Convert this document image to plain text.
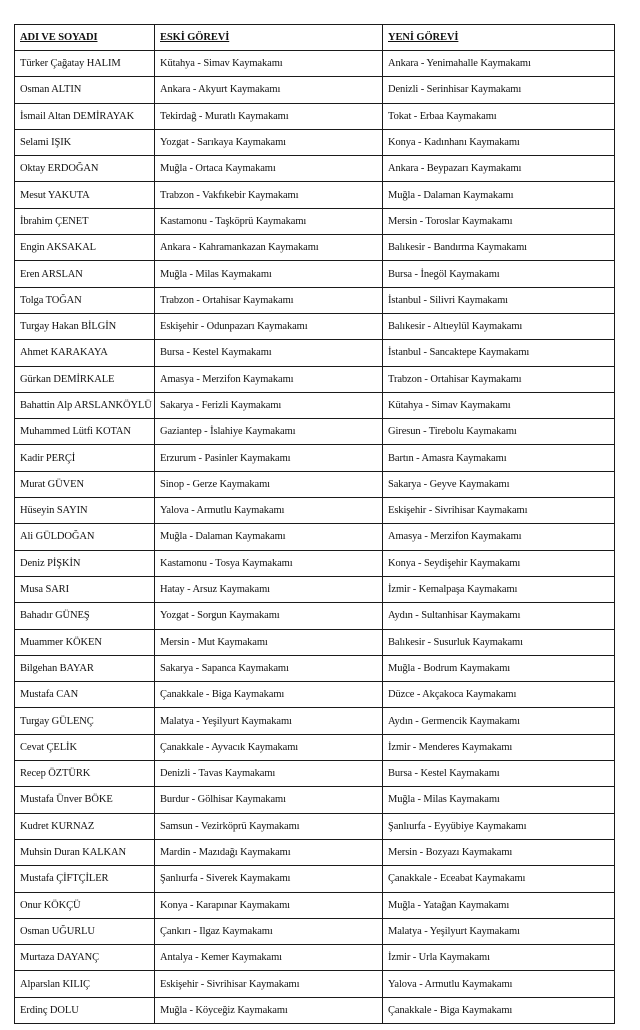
ADI VE SOYADI	ESKİ GÖREVİ	YENİ GÖREVİ
Türker Çağatay HALIM	Kütahya - Simav Kaymakamı	Ankara - Yenimahalle Kaymakamı
Osman ALTIN	Ankara - Akyurt Kaymakamı	Denizli - Serinhisar Kaymakamı
İsmail Altan DEMİRAYAK	Tekirdağ - Muratlı Kaymakamı	Tokat - Erbaa Kaymakamı
Selami IŞIK	Yozgat - Sarıkaya Kaymakamı	Konya - Kadınhanı Kaymakamı
Oktay ERDOĞAN	Muğla - Ortaca Kaymakamı	Ankara - Beypazarı Kaymakamı
Mesut YAKUTA	Trabzon - Vakfıkebir Kaymakamı	Muğla - Dalaman Kaymakamı
İbrahim ÇENET	Kastamonu - Taşköprü Kaymakamı	Mersin - Toroslar Kaymakamı
Engin AKSAKAL	Ankara - Kahramankazan Kaymakamı	Balıkesir - Bandırma Kaymakamı
Eren ARSLAN	Muğla - Milas Kaymakamı	Bursa - İnegöl Kaymakamı
Tolga TOĞAN	Trabzon - Ortahisar Kaymakamı	İstanbul - Silivri Kaymakamı
Turgay Hakan BİLGİN	Eskişehir - Odunpazarı Kaymakamı	Balıkesir - Altıeylül Kaymakamı
Ahmet KARAKAYA	Bursa - Kestel Kaymakamı	İstanbul - Sancaktepe Kaymakamı
Gürkan DEMİRKALE	Amasya - Merzifon Kaymakamı	Trabzon - Ortahisar Kaymakamı
Bahattin Alp ARSLANKÖYLÜ	Sakarya - Ferizli Kaymakamı	Kütahya - Simav Kaymakamı
Muhammed Lütfi KOTAN	Gaziantep - İslahiye Kaymakamı	Giresun - Tirebolu Kaymakamı
Kadir PERÇİ	Erzurum - Pasinler Kaymakamı	Bartın - Amasra Kaymakamı
Murat GÜVEN	Sinop - Gerze Kaymakamı	Sakarya - Geyve Kaymakamı
Hüseyin SAYIN	Yalova - Armutlu Kaymakamı	Eskişehir - Sivrihisar Kaymakamı
Ali GÜLDOĞAN	Muğla - Dalaman Kaymakamı	Amasya - Merzifon Kaymakamı
Deniz PİŞKİN	Kastamonu - Tosya Kaymakamı	Konya - Seydişehir Kaymakamı
Musa SARI	Hatay - Arsuz Kaymakamı	İzmir - Kemalpaşa Kaymakamı
Bahadır GÜNEŞ	Yozgat - Sorgun Kaymakamı	Aydın - Sultanhisar Kaymakamı
Muammer KÖKEN	Mersin - Mut Kaymakamı	Balıkesir - Susurluk Kaymakamı
Bilgehan BAYAR	Sakarya - Sapanca Kaymakamı	Muğla - Bodrum Kaymakamı
Mustafa CAN	Çanakkale - Biga Kaymakamı	Düzce - Akçakoca Kaymakamı
Turgay GÜLENÇ	Malatya - Yeşilyurt Kaymakamı	Aydın - Germencik Kaymakamı
Cevat ÇELİK	Çanakkale - Ayvacık Kaymakamı	İzmir - Menderes Kaymakamı
Recep ÖZTÜRK	Denizli - Tavas Kaymakamı	Bursa - Kestel Kaymakamı
Mustafa Ünver BÖKE	Burdur - Gölhisar Kaymakamı	Muğla - Milas Kaymakamı
Kudret KURNAZ	Samsun - Vezirköprü Kaymakamı	Şanlıurfa - Eyyübiye Kaymakamı
Muhsin Duran KALKAN	Mardin - Mazıdağı Kaymakamı	Mersin - Bozyazı Kaymakamı
Mustafa ÇİFTÇİLER	Şanlıurfa - Siverek Kaymakamı	Çanakkale - Eceabat Kaymakamı
Onur KÖKÇÜ	Konya - Karapınar Kaymakamı	Muğla - Yatağan Kaymakamı
Osman UĞURLU	Çankırı - Ilgaz Kaymakamı	Malatya - Yeşilyurt Kaymakamı
Murtaza DAYANÇ	Antalya - Kemer Kaymakamı	İzmir - Urla Kaymakamı
Alparslan KILIÇ	Eskişehir - Sivrihisar Kaymakamı	Yalova - Armutlu Kaymakamı
Erdinç DOLU	Muğla - Köyceğiz Kaymakamı	Çanakkale - Biga Kaymakamı
